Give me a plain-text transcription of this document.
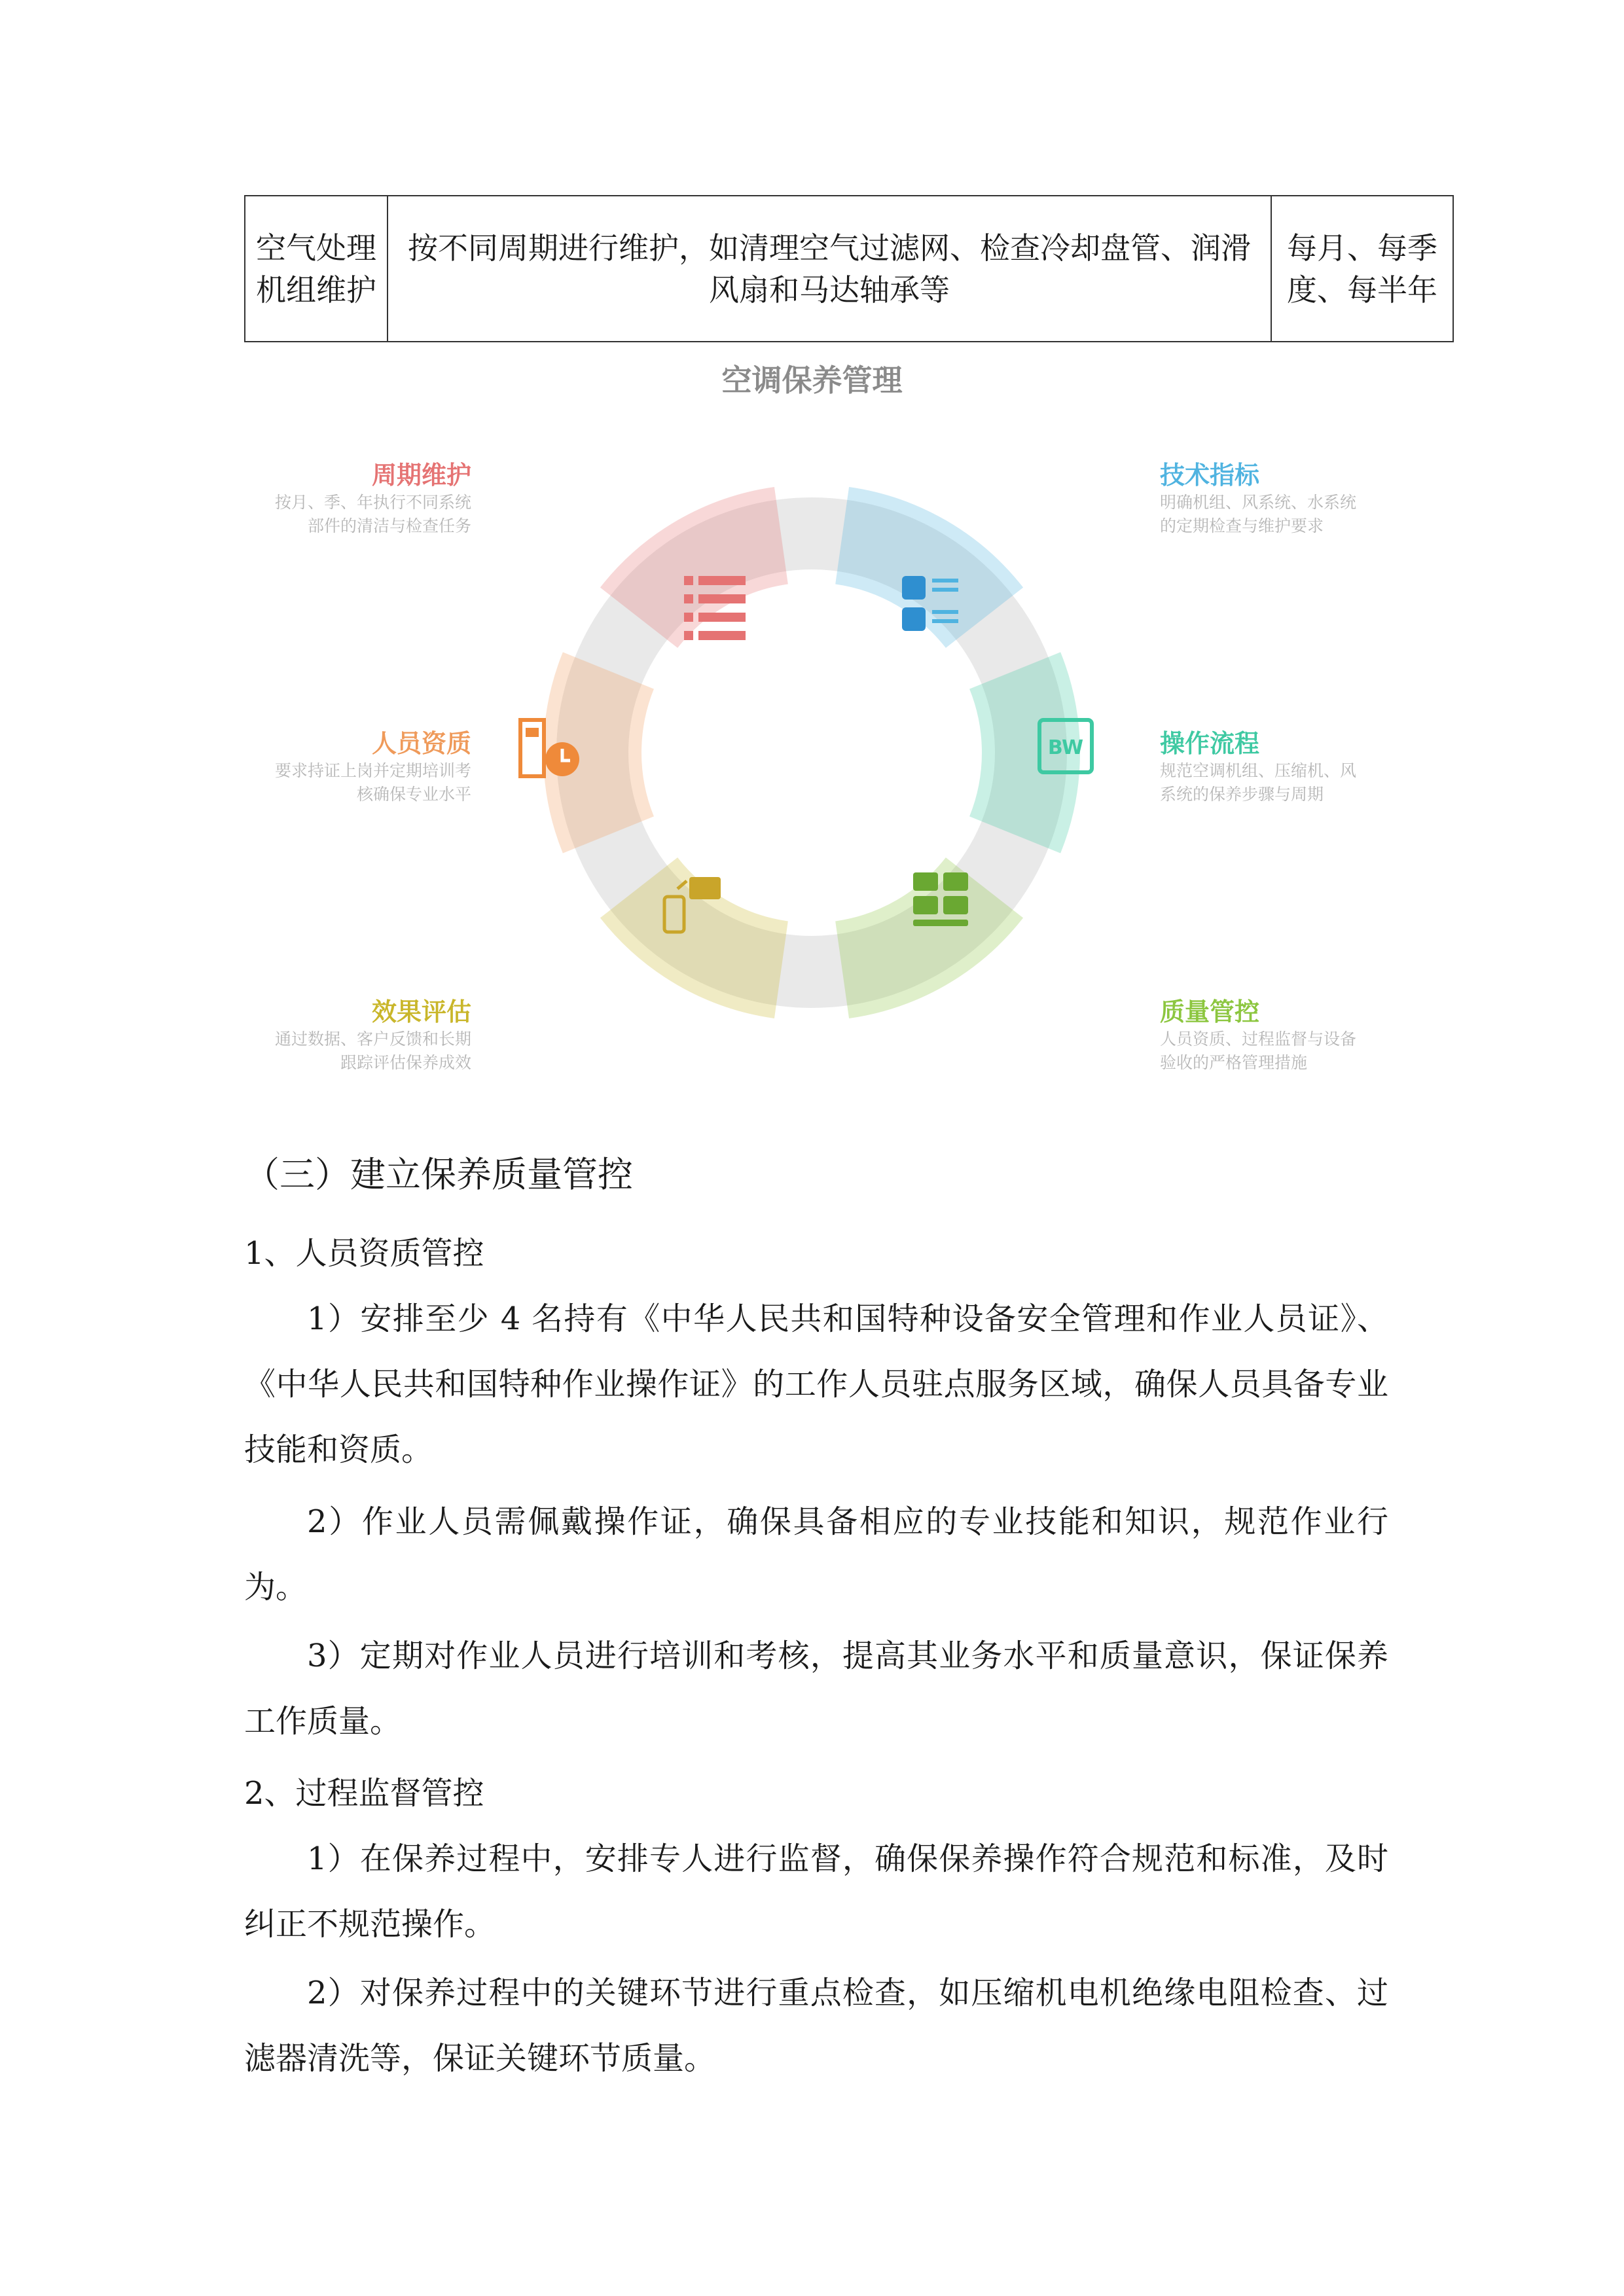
空气处理机组维护	按不同周期进行维护，如清理空气过滤网、检查冷却盘管、润滑风扇和马达轴承等	每月、每季度、每半年
空调保养管理
BW
周期维护
按月、季、年执行不同系统部件的清洁与检查任务
技术指标
明确机组、风系统、水系统的定期检查与维护要求
操作流程
规范空调机组、压缩机、风系统的保养步骤与周期
质量管控
人员资质、过程监督与设备验收的严格管理措施
效果评估
通过数据、客户反馈和长期跟踪评估保养成效
人员资质
要求持证上岗并定期培训考核确保专业水平
（三）建立保养质量管控
1、人员资质管控
1）安排至少 4 名持有《中华人民共和国特种设备安全管理和作业人员证》、《中华人民共和国特种作业操作证》的工作人员驻点服务区域，确保人员具备专业技能和资质。
2）作业人员需佩戴操作证，确保具备相应的专业技能和知识，规范作业行为。
3）定期对作业人员进行培训和考核，提高其业务水平和质量意识，保证保养工作质量。
2、过程监督管控
1）在保养过程中，安排专人进行监督，确保保养操作符合规范和标准，及时纠正不规范操作。
2）对保养过程中的关键环节进行重点检查，如压缩机电机绝缘电阻检查、过滤器清洗等，保证关键环节质量。
